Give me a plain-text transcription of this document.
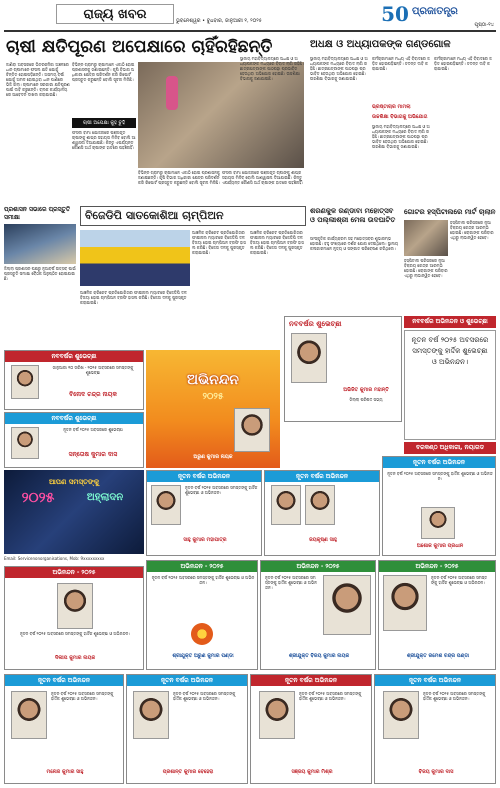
ରାଜ୍ୟ ଖବର	ଭୁବନେଶ୍ୱର • ବୁଧବାର, ଜାନୁଆରୀ ୧, ୨୦୨୫	50 ପ୍ରଜାତନ୍ତ୍ର
ପୃଷ୍ଠା-୧୪
ଚାଷୀ କ୍ଷତିପୂରଣ ଅପେକ୍ଷାରେ ଚାହିଁରହିଛନ୍ତି
ଜାଣିବା ଅବସରରେ ଭିତରକନିକା ଅଞ୍ଚଳରେ ଧାନ ଚାଷୀମାନେ ଫସଲ କ୍ଷତି ଯୋଗୁଁ ଚିନ୍ତିତ ହୋଇପଡ଼ିଛନ୍ତି। ଅସମୟ ବର୍ଷା ଯୋଗୁଁ ଅମଳ ହୋଇଥିବା ଧାନ ପାଣିରେ ଭିଜି ଗଲା। ଚାଷୀମାନେ ସରକାରୀ କ୍ଷତିପୂରଣ ପାଇଁ ଦାବି କରୁଛନ୍ତି। ବ୍ଲକ କାର୍ଯ୍ୟାଳୟରେ ଆବେଦନ ଦାଖଲ କରାଯାଇଛି।
ବିଭିନ୍ନ ଗ୍ରାମରୁ ଚାଷୀମାନେ ଏକାଠି ହୋଇ ପ୍ରଶାସନକୁ ଜଣାଇଛନ୍ତି। କୃଷି ବିଭାଗ ଅଧିକାରୀ କ୍ଷେତ୍ର ପରିଦର୍ଶନ କରି ରିପୋର୍ଟ ପ୍ରସ୍ତୁତ କରୁଛନ୍ତି ବୋଲି ସୂଚନା ମିଳିଛି।
ଚାଷୀ ଅପେକ୍ଷା କୁହ ଚୁହି
ଫସଲ ବୀମା ଯୋଜନାରେ ପଞ୍ଜୀକୃତ ଚାଷୀଙ୍କୁ ଶୀଘ୍ର ସହାୟତା ମିଳିବ ବୋଲି ଆଶ୍ୱାସନା ଦିଆଯାଇଛି। କିନ୍ତୁ ଏପର୍ଯ୍ୟନ୍ତ କୌଣସି ଅର୍ଥ ଚାଷୀଙ୍କ ହାତରେ ପହଞ୍ଚିନାହିଁ।
ବିଭିନ୍ନ ଗ୍ରାମରୁ ଚାଷୀମାନେ ଏକାଠି ହୋଇ ପ୍ରଶାସନକୁ ଜଣାଇଛନ୍ତି। କୃଷି ବିଭାଗ ଅଧିକାରୀ କ୍ଷେତ୍ର ପରିଦର୍ଶନ କରି ରିପୋର୍ଟ ପ୍ରସ୍ତୁତ କରୁଛନ୍ତି ବୋଲି ସୂଚନା ମିଳିଛି।
ଫସଲ ବୀମା ଯୋଜନାରେ ପଞ୍ଜୀକୃତ ଚାଷୀଙ୍କୁ ଶୀଘ୍ର ସହାୟତା ମିଳିବ ବୋଲି ଆଶ୍ୱାସନା ଦିଆଯାଇଛି। କିନ୍ତୁ ଏପର୍ଯ୍ୟନ୍ତ କୌଣସି ଅର୍ଥ ଚାଷୀଙ୍କ ହାତରେ ପହଞ୍ଚିନାହିଁ।
ଅଧକ୍ଷ ଓ ଅଧ୍ୟାପକଙ୍କ ଗଣ୍ଡଗୋଳ
ସ୍ଥାନୀୟ ମହାବିଦ୍ୟାଳୟରେ ଅଧକ୍ଷ ଓ ଅଧ୍ୟାପକଙ୍କ ମଧ୍ୟରେ ବିବାଦ ଲାଗି ରହିଛି। ଛାତ୍ରଛାତ୍ରୀଙ୍କ ପାଠପଢ଼ା ପ୍ରଭାବିତ ହେଉଥିବା ଅଭିଯୋଗ ହୋଇଛି। ଉଚ୍ଚଶିକ୍ଷା ବିଭାଗକୁ ଜଣାଯାଇଛି।
ସ୍ଥାନୀୟ ମହାବିଦ୍ୟାଳୟରେ ଅଧକ୍ଷ ଓ ଅଧ୍ୟାପକଙ୍କ ମଧ୍ୟରେ ବିବାଦ ଲାଗି ରହିଛି। ଛାତ୍ରଛାତ୍ରୀଙ୍କ ପାଠପଢ଼ା ପ୍ରଭାବିତ ହେଉଥିବା ଅଭିଯୋଗ ହୋଇଛି। ଉଚ୍ଚଶିକ୍ଷା ବିଭାଗକୁ ଜଣାଯାଇଛି।
କର୍ମଚାରୀମାନେ ମଧ୍ୟ ଏହି ବିବାଦରେ ଜଡ଼ିତ ହୋଇପଡ଼ିଛନ୍ତି। ତଦନ୍ତ ଦାବି କରାଯାଇଛି।
ଭ୍ରଷ୍ଟାଚାର ମାମଲା
ଉଚ୍ଚଶିକ୍ଷା ବିଭାଗକୁ ଅଭିଯୋଗ
ସ୍ଥାନୀୟ ମହାବିଦ୍ୟାଳୟରେ ଅଧକ୍ଷ ଓ ଅଧ୍ୟାପକଙ୍କ ମଧ୍ୟରେ ବିବାଦ ଲାଗି ରହିଛି। ଛାତ୍ରଛାତ୍ରୀଙ୍କ ପାଠପଢ଼ା ପ୍ରଭାବିତ ହେଉଥିବା ଅଭିଯୋଗ ହୋଇଛି। ଉଚ୍ଚଶିକ୍ଷା ବିଭାଗକୁ ଜଣାଯାଇଛି।
କର୍ମଚାରୀମାନେ ମଧ୍ୟ ଏହି ବିବାଦରେ ଜଡ଼ିତ ହୋଇପଡ଼ିଛନ୍ତି। ତଦନ୍ତ ଦାବି କରାଯାଇଛି।
ପ୍ରଶାସନ ସଭାରେ ପ୍ରସ୍ତୁତି ସମୀକ୍ଷା
ଜିଲ୍ଲା ପ୍ରଶାସନ ପକ୍ଷରୁ ନୂଆବର୍ଷ ଉତ୍ସବ ପାଇଁ ପ୍ରସ୍ତୁତି ସମୀକ୍ଷା ବୈଠକ ଅନୁଷ୍ଠିତ ହୋଇଯାଇଛି।
ବିଜେଡିପି ସାତକୋଶିଆ ଚାମ୍ପିଅନ
ଆଞ୍ଚଳିକ କ୍ରିକେଟ ପ୍ରତିଯୋଗିତାର ଫାଇନାଲ ମ୍ୟାଚରେ ବିଜେଡିପି ଦଳ ବିଜୟୀ ହୋଇ ଚାମ୍ପିଅନ ଟ୍ରଫି ହାସଲ କରିଛି। ବିଜେତା ଦଳକୁ ପୁରସ୍କୃତ କରାଯାଇଛି।
ଆଞ୍ଚଳିକ କ୍ରିକେଟ ପ୍ରତିଯୋଗିତାର ଫାଇନାଲ ମ୍ୟାଚରେ ବିଜେଡିପି ଦଳ ବିଜୟୀ ହୋଇ ଚାମ୍ପିଅନ ଟ୍ରଫି ହାସଲ କରିଛି। ବିଜେତା ଦଳକୁ ପୁରସ୍କୃତ କରାଯାଇଛି।
ଆଞ୍ଚଳିକ କ୍ରିକେଟ ପ୍ରତିଯୋଗିତାର ଫାଇନାଲ ମ୍ୟାଚରେ ବିଜେଡିପି ଦଳ ବିଜୟୀ ହୋଇ ଚାମ୍ପିଅନ ଟ୍ରଫି ହାସଲ କରିଛି। ବିଜେତା ଦଳକୁ ପୁରସ୍କୃତ କରାଯାଇଛି।
ଶରଣକୁଳ ରଣ୍ଡାବା ମହୋତ୍ସବ ଓ ପଲ୍ଲୀଶ୍ରୀ ମେଳା ଉଦଘାଟିତ
ସାଂସ୍କୃତିକ କାର୍ଯ୍ୟକ୍ରମ ସହ ମହୋତ୍ସବର ଶୁଭାରମ୍ଭ ହୋଇଛି। ବହୁ ସଂଖ୍ୟାରେ ଦର୍ଶକ ଯୋଗ ଦେଇଥିଲେ। ସ୍ଥାନୀୟ କଳାକାରମାନେ ନୃତ୍ୟ ଓ ସଙ୍ଗୀତ ପରିବେଷଣ କରିଥିଲେ।
ଗୋଟର ହସ୍ପିଟାଲରେ ମାର୍ଟ ଚାଲାନ
ହସ୍ପିଟାଲ ପରିସରରେ ନୂଆ ବିକ୍ରୟ କେନ୍ଦ୍ର ଆରମ୍ଭ ହୋଇଛି। ରୋଗୀଙ୍କ ପରିବାର ଏଥିରୁ ଲାଭାନ୍ୱିତ ହେବେ।
ହସ୍ପିଟାଲ ପରିସରରେ ନୂଆ ବିକ୍ରୟ କେନ୍ଦ୍ର ଆରମ୍ଭ ହୋଇଛି। ରୋଗୀଙ୍କ ପରିବାର ଏଥିରୁ ଲାଭାନ୍ୱିତ ହେବେ।
ନବବର୍ଷର ଅଭିନନ୍ଦନ ଓ ଶୁଭେଚ୍ଛା
ନୂତନ ବର୍ଷ ୨୦୨୫ ଅବସରରେ ସମସ୍ତଙ୍କୁ ହାର୍ଦ୍ଦିକ ଶୁଭେଚ୍ଛା ଓ ଅଭିନନ୍ଦନ।
ନବବର୍ଷର ଶୁଭେଚ୍ଛା
ଜାନୁଆରୀ ୧୦ ତାରିଖ - ୨୦୨୫ ଅବସରରେ ସମସ୍ତଙ୍କୁ ଶୁଭେଚ୍ଛା
ବିନୋଦ ଚନ୍ଦ୍ର ନାୟକ
ନବବର୍ଷର ଶୁଭେଚ୍ଛା
ନୂତନ ବର୍ଷ ୨୦୨୫ ଅବସରରେ ଶୁଭେଚ୍ଛା
ସନ୍ତୋଷ କୁମାର ଦାସ
ଅଭିନନ୍ଦନ
୨୦୨୫
ଅରୁଣ କୁମାର ନାୟକ
ନବବର୍ଷର ଶୁଭେଚ୍ଛା
ଅଭିଜିତ କୁମାର ମହାନ୍ତି
ଜିଲ୍ଲା ପରିଷଦ ସଭ୍ୟ
ବରକଣ୍ଠ ଅଧିକାରୀ, ନୟାଗଡ
ଆପଣ ସମସ୍ତଙ୍କୁ
୨୦୨୫	ଅହ୍ଲାଦନ
Email: Servicenonorganisations, Mob: 9xxxxxxxxx
ନୂତନ ବର୍ଷର ଅଭିନନ୍ଦନ
ନୂତନ ବର୍ଷ ୨୦୨୫ ଅବସରରେ ସମସ୍ତଙ୍କୁ ହାର୍ଦ୍ଦିକ ଶୁଭେଚ୍ଛା ଓ ଅଭିନନ୍ଦନ।
ସାହୁ କୁମାର ମହାପାତ୍ର
ନୂତନ ବର୍ଷର ଅଭିନନ୍ଦନ
ଜୟକୃଷ୍ଣ ସାହୁ
ନୂତନ ବର୍ଷର ଅଭିନନ୍ଦନ
ନୂତନ ବର୍ଷ ୨୦୨୫ ଅବସରରେ ସମସ୍ତଙ୍କୁ ହାର୍ଦ୍ଦିକ ଶୁଭେଚ୍ଛା ଓ ଅଭିନନ୍ଦନ।
ଅଶୋକ କୁମାର ପ୍ରଧାନ
ଅଭିନନ୍ଦନ - ୨୦୨୫
ନୂତନ ବର୍ଷ ୨୦୨୫ ଅବସରରେ ସମସ୍ତଙ୍କୁ ହାର୍ଦ୍ଦିକ ଶୁଭେଚ୍ଛା ଓ ଅଭିନନ୍ଦନ।
ଶ୍ରୀଯୁକ୍ତ ଅରୁଣ କୁମାର ପଣ୍ଡା
ଅଭିନନ୍ଦନ - ୨୦୨୫
ନୂତନ ବର୍ଷ ୨୦୨୫ ଅବସରରେ ସମସ୍ତଙ୍କୁ ହାର୍ଦ୍ଦିକ ଶୁଭେଚ୍ଛା ଓ ଅଭିନନ୍ଦନ।
ଶ୍ରୀଯୁକ୍ତ ବିଜୟ କୁମାର ନାୟକ
ଅଭିନନ୍ଦନ - ୨୦୨୫
ନୂତନ ବର୍ଷ ୨୦୨୫ ଅବସରରେ ସମସ୍ତଙ୍କୁ ହାର୍ଦ୍ଦିକ ଶୁଭେଚ୍ଛା ଓ ଅଭିନନ୍ଦନ।
ଶ୍ରୀଯୁକ୍ତ ରମେଶ ଚନ୍ଦ୍ର ପଣ୍ଡା
ଅଭିନନ୍ଦନ - ୨୦୨୫
ନୂତନ ବର୍ଷ ୨୦୨୫ ଅବସରରେ ସମସ୍ତଙ୍କୁ ହାର୍ଦ୍ଦିକ ଶୁଭେଚ୍ଛା ଓ ଅଭିନନ୍ଦନ।
ଦିଲୀପ କୁମାର ନାୟକ
ନୂତନ ବର୍ଷର ଅଭିନନ୍ଦନ
ନୂତନ ବର୍ଷ ୨୦୨୫ ଅବସରରେ ସମସ୍ତଙ୍କୁ ହାର୍ଦ୍ଦିକ ଶୁଭେଚ୍ଛା ଓ ଅଭିନନ୍ଦନ।
ମନୋଜ କୁମାର ସାହୁ
ନୂତନ ବର୍ଷର ଅଭିନନ୍ଦନ
ନୂତନ ବର୍ଷ ୨୦୨୫ ଅବସରରେ ସମସ୍ତଙ୍କୁ ହାର୍ଦ୍ଦିକ ଶୁଭେଚ୍ଛା ଓ ଅଭିନନ୍ଦନ।
ପ୍ରଶାନ୍ତ କୁମାର ବେହେରା
ନୂତନ ବର୍ଷର ଅଭିନନ୍ଦନ
ନୂତନ ବର୍ଷ ୨୦୨୫ ଅବସରରେ ସମସ୍ତଙ୍କୁ ହାର୍ଦ୍ଦିକ ଶୁଭେଚ୍ଛା ଓ ଅଭିନନ୍ଦନ।
ସଞ୍ଜୟ କୁମାର ମିଶ୍ର
ନୂତନ ବର୍ଷର ଅଭିନନ୍ଦନ
ନୂତନ ବର୍ଷ ୨୦୨୫ ଅବସରରେ ସମସ୍ତଙ୍କୁ ହାର୍ଦ୍ଦିକ ଶୁଭେଚ୍ଛା ଓ ଅଭିନନ୍ଦନ।
ବିଜୟ କୁମାର ଦାସ
